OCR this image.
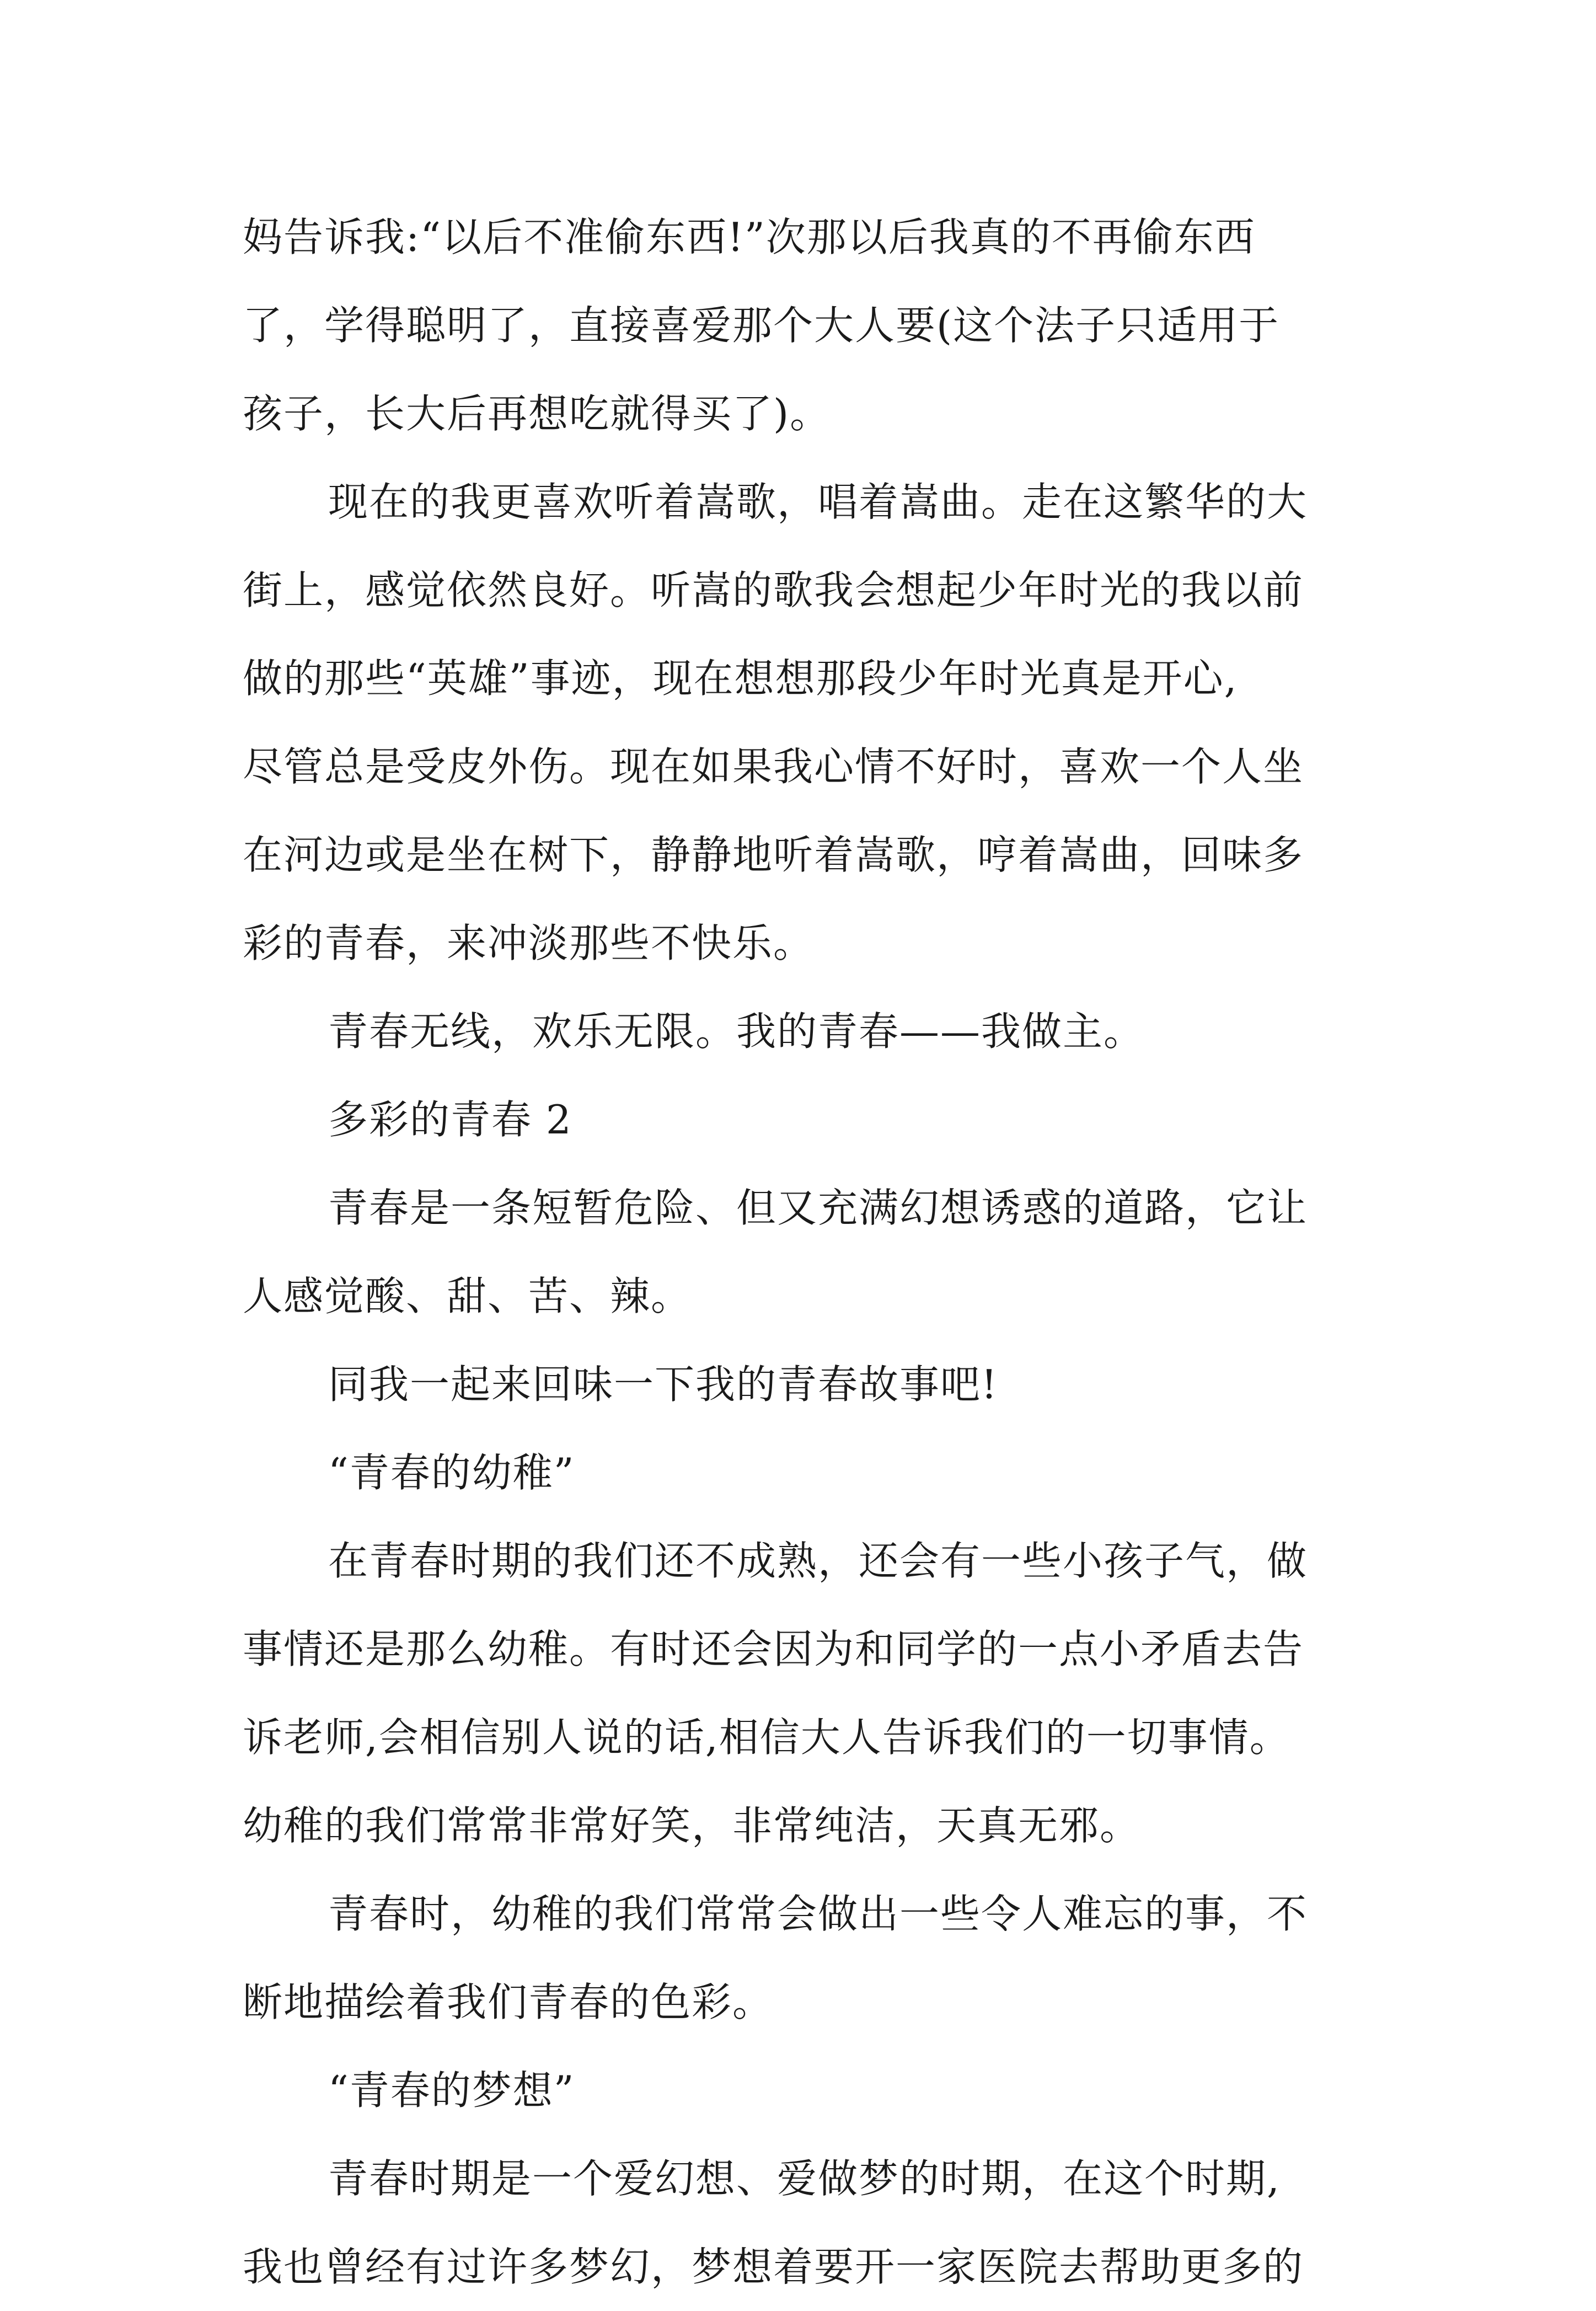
妈告诉我:“以后不准偷东西!”次那以后我真的不再偷东西
了，学得聪明了，直接喜爱那个大人要(这个法子只适用于
孩子，长大后再想吃就得买了)。
现在的我更喜欢听着嵩歌，唱着嵩曲。走在这繁华的大
街上，感觉依然良好。听嵩的歌我会想起少年时光的我以前
做的那些“英雄”事迹，现在想想那段少年时光真是开心,
尽管总是受皮外伤。现在如果我心情不好时，喜欢一个人坐
在河边或是坐在树下，静静地听着嵩歌，哼着嵩曲，回味多
彩的青春，来冲淡那些不快乐。
青春无线，欢乐无限。我的青春——我做主。
多彩的青春 2
青春是一条短暂危险、但又充满幻想诱惑的道路，它让
人感觉酸、甜、苦、辣。
同我一起来回味一下我的青春故事吧!
“青春的幼稚”
在青春时期的我们还不成熟，还会有一些小孩子气，做
事情还是那么幼稚。有时还会因为和同学的一点小矛盾去告
诉老师,会相信别人说的话,相信大人告诉我们的一切事情。
幼稚的我们常常非常好笑，非常纯洁，天真无邪。
青春时，幼稚的我们常常会做出一些令人难忘的事，不
断地描绘着我们青春的色彩。
“青春的梦想”
青春时期是一个爱幻想、爱做梦的时期，在这个时期,
我也曾经有过许多梦幻，梦想着要开一家医院去帮助更多的
